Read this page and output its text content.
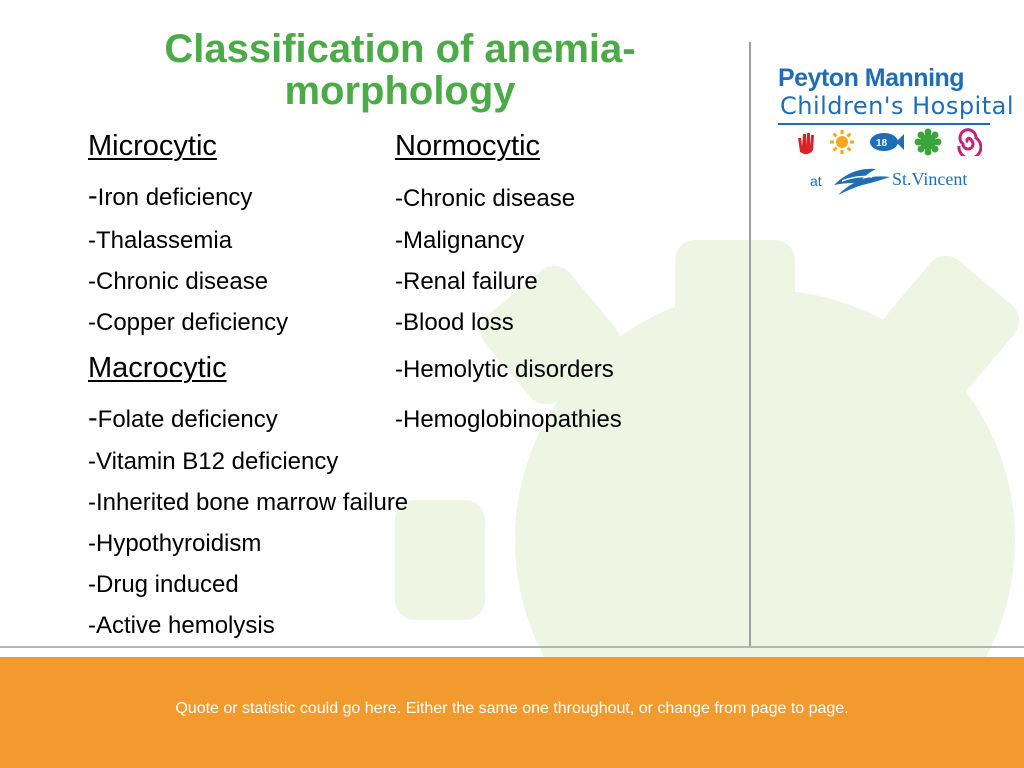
Classification of anemia-morphology
Microcytic
-Iron deficiency
-Thalassemia
-Chronic disease
-Copper deficiency
Macrocytic
-Folate deficiency
-Vitamin B12 deficiency
-Inherited bone marrow failure
-Hypothyroidism
-Drug induced
-Active hemolysis
Normocytic
-Chronic disease
-Malignancy
-Renal failure
-Blood loss
-Hemolytic disorders
-Hemoglobinopathies
Peyton Manning
Children's Hospital
18
at	St.Vincent
Quote or statistic could go here. Either the same one throughout, or change from page to page.
